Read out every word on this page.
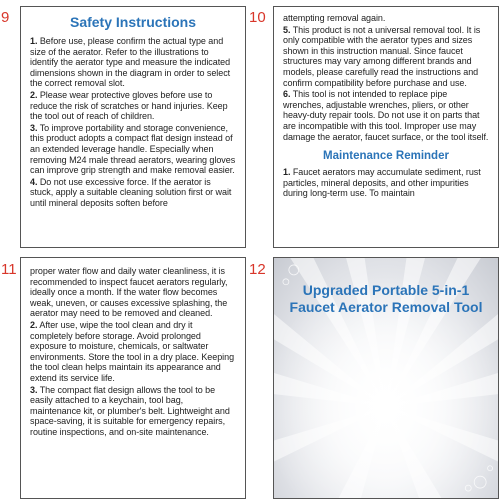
9	10
11	12
Safety Instructions

1. Before use, please confirm the actual type and size of the aerator. Refer to the illustrations to identify the aerator type and measure the indicated dimensions shown in the diagram in order to select the correct removal slot.

2. Please wear protective gloves before use to reduce the risk of scratches or hand injuries. Keep the tool out of reach of children.

3. To improve portability and storage convenience, this product adopts a compact flat design instead of an extended leverage handle. Especially when removing M24 male thread aerators, wearing gloves can improve grip strength and make removal easier.

4. Do not use excessive force. If the aerator is stuck, apply a suitable cleaning solution first or wait until mineral deposits soften before

attempting removal again.

5. This product is not a universal removal tool. It is only compatible with the aerator types and sizes shown in this instruction manual. Since faucet structures may vary among different brands and models, please carefully read the instructions and confirm compatibility before purchase and use.

6. This tool is not intended to replace pipe wrenches, adjustable wrenches, pliers, or other heavy-duty repair tools. Do not use it on parts that are incompatible with this tool. Improper use may damage the aerator, faucet surface, or the tool itself.

Maintenance Reminder

1. Faucet aerators may accumulate sediment, rust particles, mineral deposits, and other impurities during long-term use. To maintain

proper water flow and daily water cleanliness, it is recommended to inspect faucet aerators regularly, ideally once a month. If the water flow becomes weak, uneven, or causes excessive splashing, the aerator may need to be removed and cleaned.

2. After use, wipe the tool clean and dry it completely before storage. Avoid prolonged exposure to moisture, chemicals, or saltwater environments. Store the tool in a dry place. Keeping the tool clean helps maintain its appearance and extend its service life.

3. The compact flat design allows the tool to be easily attached to a keychain, tool bag, maintenance kit, or plumber's belt. Lightweight and space-saving, it is suitable for emergency repairs, routine inspections, and on-site maintenance.

Upgraded Portable 5-in-1
Faucet Aerator Removal Tool
